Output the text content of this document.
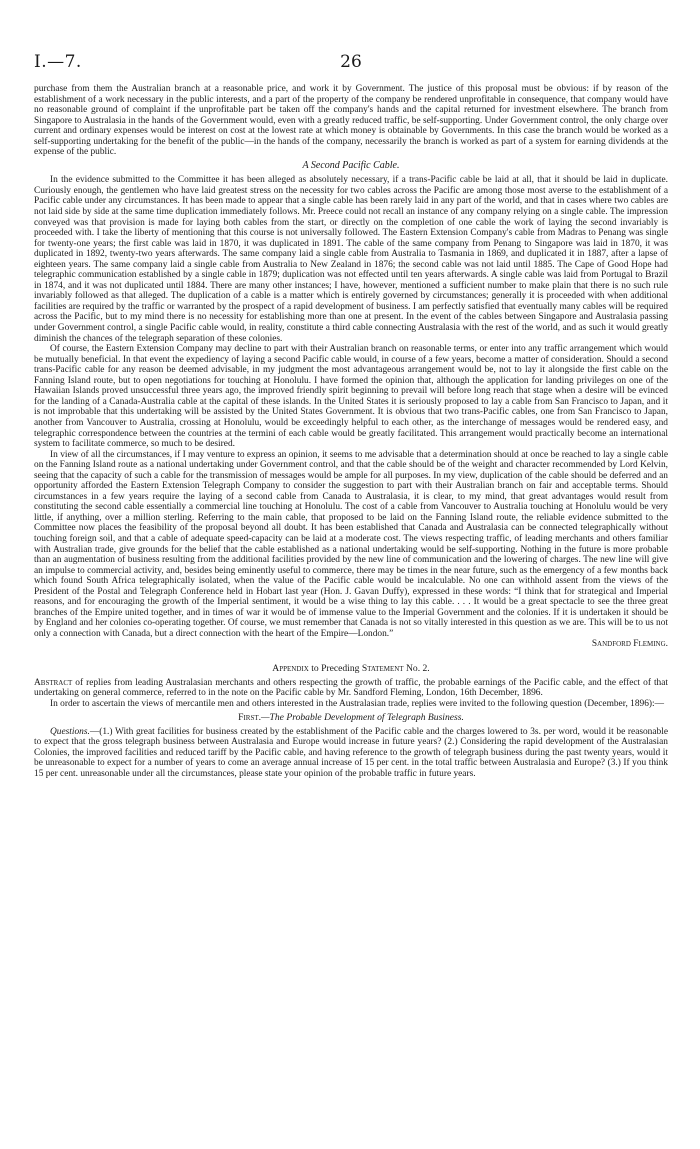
I.—7.	26

purchase from them the Australian branch at a reasonable price, and work it by Government. The justice of this proposal must be obvious: if by reason of the establishment of a work necessary in the public interests, and a part of the property of the company be rendered unprofitable in consequence, that company would have no reasonable ground of complaint if the unprofitable part be taken off the company's hands and the capital returned for investment elsewhere. The branch from Singapore to Australasia in the hands of the Government would, even with a greatly reduced traffic, be self-supporting. Under Government control, the only charge over current and ordinary expenses would be interest on cost at the lowest rate at which money is obtainable by Governments. In this case the branch would be worked as a self-supporting undertaking for the benefit of the public—in the hands of the company, necessarily the branch is worked as part of a system for earning dividends at the expense of the public.

A Second Pacific Cable.

In the evidence submitted to the Committee it has been alleged as absolutely necessary, if a trans-Pacific cable be laid at all, that it should be laid in duplicate. Curiously enough, the gentlemen who have laid greatest stress on the necessity for two cables across the Pacific are among those most averse to the establishment of a Pacific cable under any circumstances. It has been made to appear that a single cable has been rarely laid in any part of the world, and that in cases where two cables are not laid side by side at the same time duplication immediately follows. Mr. Preece could not recall an instance of any company relying on a single cable. The impression conveyed was that provision is made for laying both cables from the start, or directly on the completion of one cable the work of laying the second invariably is proceeded with. I take the liberty of mentioning that this course is not universally followed. The Eastern Extension Company's cable from Madras to Penang was single for twenty-one years; the first cable was laid in 1870, it was duplicated in 1891. The cable of the same company from Penang to Singapore was laid in 1870, it was duplicated in 1892, twenty-two years afterwards. The same company laid a single cable from Australia to Tasmania in 1869, and duplicated it in 1887, after a lapse of eighteen years. The same company laid a single cable from Australia to New Zealand in 1876; the second cable was not laid until 1885. The Cape of Good Hope had telegraphic communication established by a single cable in 1879; duplication was not effected until ten years afterwards. A single cable was laid from Portugal to Brazil in 1874, and it was not duplicated until 1884. There are many other instances; I have, however, mentioned a sufficient number to make plain that there is no such rule invariably followed as that alleged. The duplication of a cable is a matter which is entirely governed by circumstances; generally it is proceeded with when additional facilities are required by the traffic or warranted by the prospect of a rapid development of business. I am perfectly satisfied that eventually many cables will be required across the Pacific, but to my mind there is no necessity for establishing more than one at present. In the event of the cables between Singapore and Australasia passing under Government control, a single Pacific cable would, in reality, constitute a third cable connecting Australasia with the rest of the world, and as such it would greatly diminish the chances of the telegraph separation of these colonies.

Of course, the Eastern Extension Company may decline to part with their Australian branch on reasonable terms, or enter into any traffic arrangement which would be mutually beneficial. In that event the expediency of laying a second Pacific cable would, in course of a few years, become a matter of consideration. Should a second trans-Pacific cable for any reason be deemed advisable, in my judgment the most advantageous arrangement would be, not to lay it alongside the first cable on the Fanning Island route, but to open negotiations for touching at Honolulu. I have formed the opinion that, although the application for landing privileges on one of the Hawaiian Islands proved unsuccessful three years ago, the improved friendly spirit beginning to prevail will before long reach that stage when a desire will be evinced for the landing of a Canada-Australia cable at the capital of these islands. In the United States it is seriously proposed to lay a cable from San Francisco to Japan, and it is not improbable that this undertaking will be assisted by the United States Government. It is obvious that two trans-Pacific cables, one from San Francisco to Japan, another from Vancouver to Australia, crossing at Honolulu, would be exceedingly helpful to each other, as the interchange of messages would be rendered easy, and telegraphic correspondence between the countries at the termini of each cable would be greatly facilitated. This arrangement would practically become an international system to facilitate commerce, so much to be desired.

In view of all the circumstances, if I may venture to express an opinion, it seems to me advisable that a determination should at once be reached to lay a single cable on the Fanning Island route as a national undertaking under Government control, and that the cable should be of the weight and character recommended by Lord Kelvin, seeing that the capacity of such a cable for the transmission of messages would be ample for all purposes. In my view, duplication of the cable should be deferred and an opportunity afforded the Eastern Extension Telegraph Company to consider the suggestion to part with their Australian branch on fair and acceptable terms. Should circumstances in a few years require the laying of a second cable from Canada to Australasia, it is clear, to my mind, that great advantages would result from constituting the second cable essentially a commercial line touching at Honolulu. The cost of a cable from Vancouver to Australia touching at Honolulu would be very little, if anything, over a million sterling. Referring to the main cable, that proposed to be laid on the Fanning Island route, the reliable evidence submitted to the Committee now places the feasibility of the proposal beyond all doubt. It has been established that Canada and Australasia can be connected telegraphically without touching foreign soil, and that a cable of adequate speed-capacity can be laid at a moderate cost. The views respecting traffic, of leading merchants and others familiar with Australian trade, give grounds for the belief that the cable established as a national undertaking would be self-supporting. Nothing in the future is more probable than an augmentation of business resulting from the additional facilities provided by the new line of communication and the lowering of charges. The new line will give an impulse to commercial activity, and, besides being eminently useful to commerce, there may be times in the near future, such as the emergency of a few months back which found South Africa telegraphically isolated, when the value of the Pacific cable would be incalculable. No one can withhold assent from the views of the President of the Postal and Telegraph Conference held in Hobart last year (Hon. J. Gavan Duffy), expressed in these words: “I think that for strategical and Imperial reasons, and for encouraging the growth of the Imperial sentiment, it would be a wise thing to lay this cable. . . . It would be a great spectacle to see the three great branches of the Empire united together, and in times of war it would be of immense value to the Imperial Government and the colonies. If it is undertaken it should be by England and her colonies co-operating together. Of course, we must remember that Canada is not so vitally interested in this question as we are. This will be to us not only a connection with Canada, but a direct connection with the heart of the Empire—London.”

Sandford Fleming.
Appendix to Preceding Statement No. 2.

Abstract of replies from leading Australasian merchants and others respecting the growth of traffic, the probable earnings of the Pacific cable, and the effect of that undertaking on general commerce, referred to in the note on the Pacific cable by Mr. Sandford Fleming, London, 16th December, 1896.

In order to ascertain the views of mercantile men and others interested in the Australasian trade, replies were invited to the following question (December, 1896):—

First.—The Probable Development of Telegraph Business.

Questions.—(1.) With great facilities for business created by the establishment of the Pacific cable and the charges lowered to 3s. per word, would it be reasonable to expect that the gross telegraph business between Australasia and Europe would increase in future years? (2.) Considering the rapid development of the Australasian Colonies, the improved facilities and reduced tariff by the Pacific cable, and having reference to the growth of telegraph business during the past twenty years, would it be unreasonable to expect for a number of years to come an average annual increase of 15 per cent. in the total traffic between Australasia and Europe? (3.) If you think 15 per cent. unreasonable under all the circumstances, please state your opinion of the probable traffic in future years.
